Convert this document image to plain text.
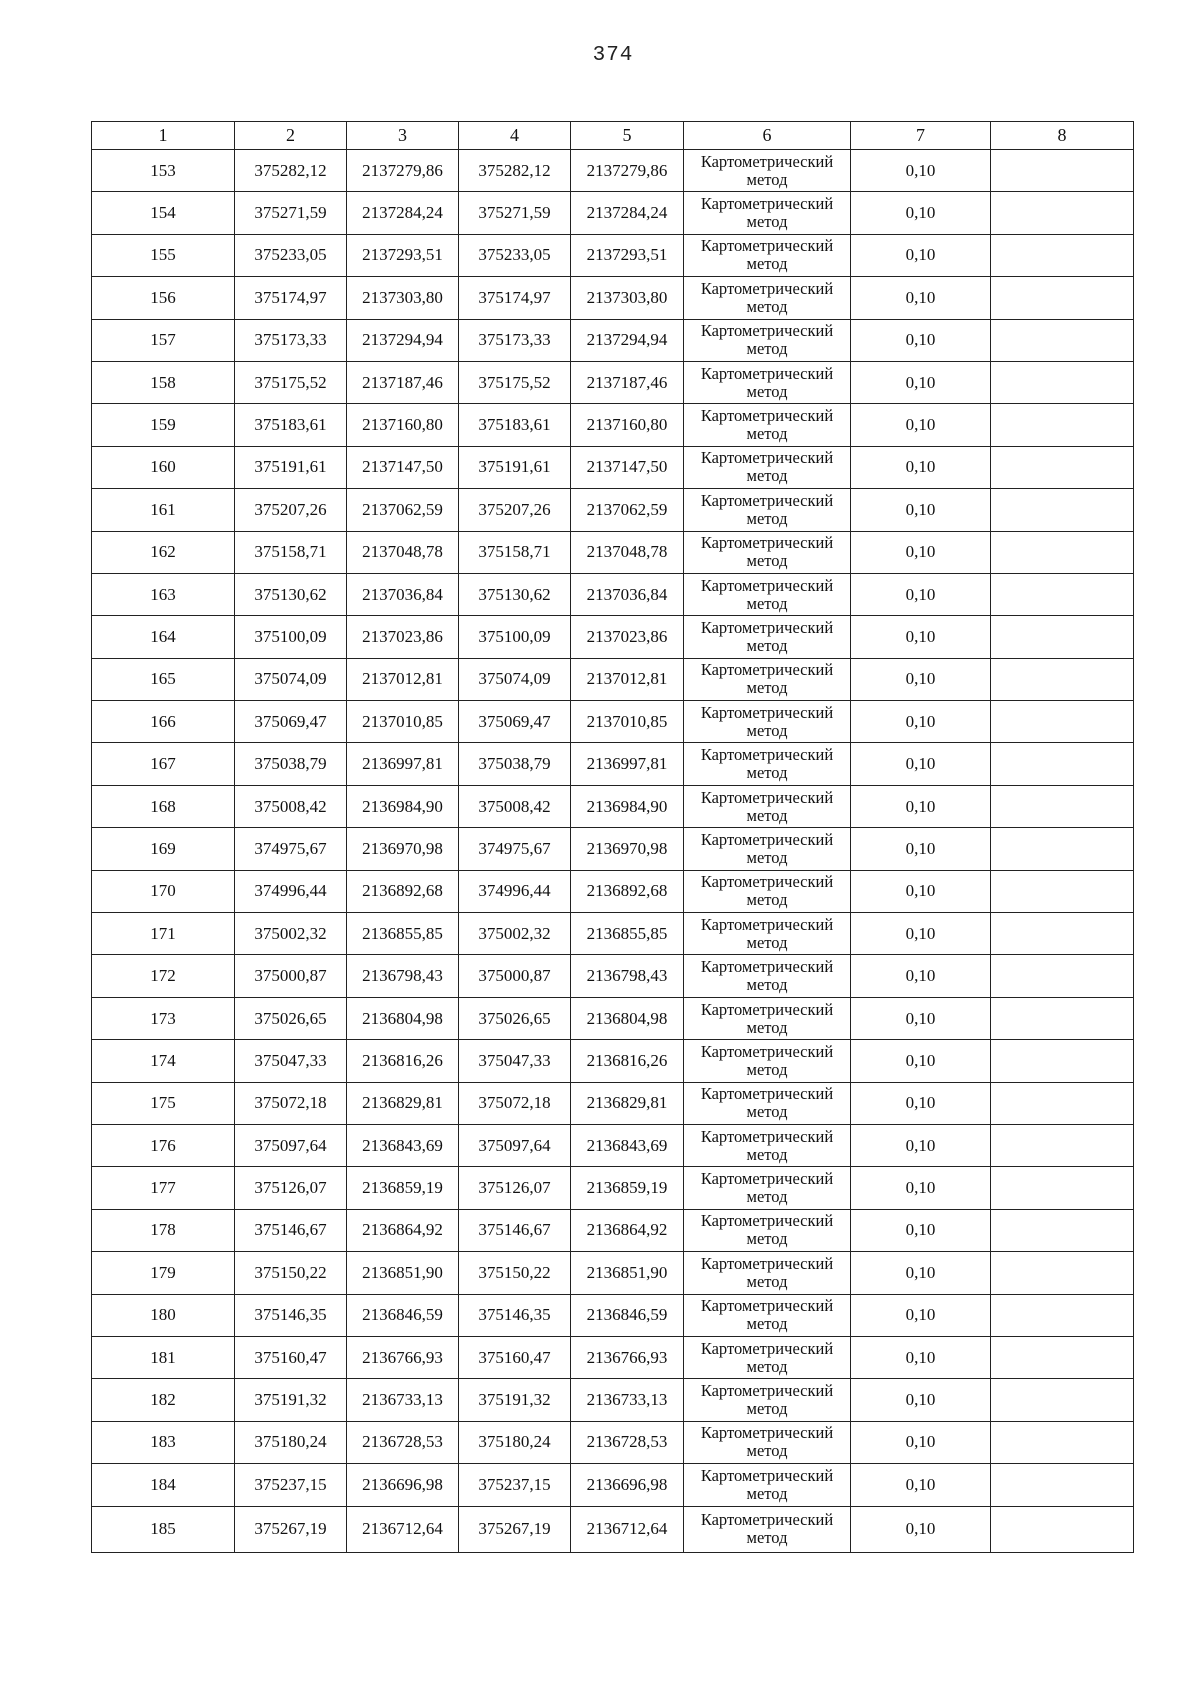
374
1	2	3	4	5	6	7	8
153	375282,12	2137279,86	375282,12	2137279,86	Картометрический
метод	0,10	
154	375271,59	2137284,24	375271,59	2137284,24	Картометрический
метод	0,10	
155	375233,05	2137293,51	375233,05	2137293,51	Картометрический
метод	0,10	
156	375174,97	2137303,80	375174,97	2137303,80	Картометрический
метод	0,10	
157	375173,33	2137294,94	375173,33	2137294,94	Картометрический
метод	0,10	
158	375175,52	2137187,46	375175,52	2137187,46	Картометрический
метод	0,10	
159	375183,61	2137160,80	375183,61	2137160,80	Картометрический
метод	0,10	
160	375191,61	2137147,50	375191,61	2137147,50	Картометрический
метод	0,10	
161	375207,26	2137062,59	375207,26	2137062,59	Картометрический
метод	0,10	
162	375158,71	2137048,78	375158,71	2137048,78	Картометрический
метод	0,10	
163	375130,62	2137036,84	375130,62	2137036,84	Картометрический
метод	0,10	
164	375100,09	2137023,86	375100,09	2137023,86	Картометрический
метод	0,10	
165	375074,09	2137012,81	375074,09	2137012,81	Картометрический
метод	0,10	
166	375069,47	2137010,85	375069,47	2137010,85	Картометрический
метод	0,10	
167	375038,79	2136997,81	375038,79	2136997,81	Картометрический
метод	0,10	
168	375008,42	2136984,90	375008,42	2136984,90	Картометрический
метод	0,10	
169	374975,67	2136970,98	374975,67	2136970,98	Картометрический
метод	0,10	
170	374996,44	2136892,68	374996,44	2136892,68	Картометрический
метод	0,10	
171	375002,32	2136855,85	375002,32	2136855,85	Картометрический
метод	0,10	
172	375000,87	2136798,43	375000,87	2136798,43	Картометрический
метод	0,10	
173	375026,65	2136804,98	375026,65	2136804,98	Картометрический
метод	0,10	
174	375047,33	2136816,26	375047,33	2136816,26	Картометрический
метод	0,10	
175	375072,18	2136829,81	375072,18	2136829,81	Картометрический
метод	0,10	
176	375097,64	2136843,69	375097,64	2136843,69	Картометрический
метод	0,10	
177	375126,07	2136859,19	375126,07	2136859,19	Картометрический
метод	0,10	
178	375146,67	2136864,92	375146,67	2136864,92	Картометрический
метод	0,10	
179	375150,22	2136851,90	375150,22	2136851,90	Картометрический
метод	0,10	
180	375146,35	2136846,59	375146,35	2136846,59	Картометрический
метод	0,10	
181	375160,47	2136766,93	375160,47	2136766,93	Картометрический
метод	0,10	
182	375191,32	2136733,13	375191,32	2136733,13	Картометрический
метод	0,10	
183	375180,24	2136728,53	375180,24	2136728,53	Картометрический
метод	0,10	
184	375237,15	2136696,98	375237,15	2136696,98	Картометрический
метод	0,10	
185	375267,19	2136712,64	375267,19	2136712,64	Картометрический
метод	0,10	
